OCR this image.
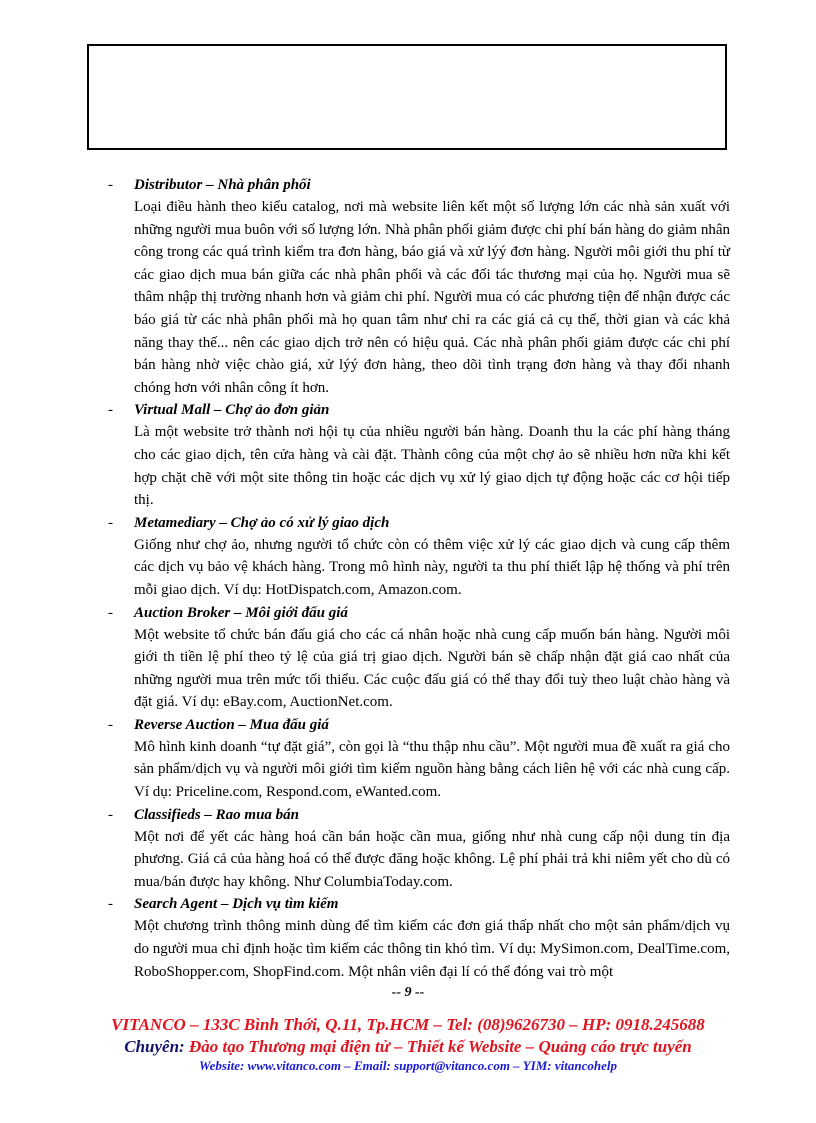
- Distributor – Nhà phân phối
Loại điều hành theo kiểu catalog, nơi mà website liên kết một số lượng lớn các nhà sản xuất với những người mua buôn với số lượng lớn. Nhà phân phối giảm được chi phí bán hàng do giảm nhân công trong các quá trình kiểm tra đơn hàng, báo giá và xử lýý đơn hàng. Người môi giới thu phí từ các giao dịch mua bán giữa các nhà phân phối và các đối tác thương mại của họ. Người mua sẽ thâm nhập thị trường nhanh hơn và giảm chi phí. Người mua có các phương tiện để nhận được các báo giá từ các nhà phân phối mà họ quan tâm như chỉ ra các giá cả cụ thể, thời gian và các khả năng thay thế... nên các giao dịch trở nên có hiệu quả. Các nhà phân phối giảm được các chi phí bán hàng nhờ việc chào giá, xử lýý đơn hàng, theo dõi tình trạng đơn hàng và thay đổi nhanh chóng hơn với nhân công ít hơn.
- Virtual Mall – Chợ ảo đơn giản
Là một website trở thành nơi hội tụ của nhiều người bán hàng. Doanh thu la các phí hàng tháng cho các giao dịch, tên cửa hàng và cài đặt. Thành công của một chợ ảo sẽ nhiều hơn nữa khi kết hợp chặt chẽ với một site thông tin hoặc các dịch vụ xử lý giao dịch tự động hoặc các cơ hội tiếp thị.
- Metamediary – Chợ ảo có xử lý giao dịch
Giống như chợ ảo, nhưng người tổ chức còn có thêm việc xử lý các giao dịch và cung cấp thêm các dịch vụ bảo vệ khách hàng. Trong mô hình này, người ta thu phí thiết lập hệ thống và phí trên mỗi giao dịch. Ví dụ: HotDispatch.com, Amazon.com.
- Auction Broker – Môi giới đấu giá
Một website tổ chức bán đấu giá cho các cá nhân hoặc nhà cung cấp muốn bán hàng. Người môi giới th tiền lệ phí theo tỷ lệ của giá trị giao dịch. Người bán sẽ chấp nhận đặt giá cao nhất của những người mua trên mức tối thiểu. Các cuộc đấu giá có thể thay đổi tuỳ theo luật chào hàng và đặt giá. Ví dụ: eBay.com, AuctionNet.com.
- Reverse Auction – Mua đấu giá
Mô hình kinh doanh “tự đặt giá”, còn gọi là “thu thập nhu cầu”. Một người mua đề xuất ra giá cho sản phẩm/dịch vụ và người môi giới tìm kiếm nguồn hàng bằng cách liên hệ với các nhà cung cấp. Ví dụ: Priceline.com, Respond.com, eWanted.com.
- Classifieds – Rao mua bán
Một nơi để yết các hàng hoá cần bán hoặc cần mua, giống như nhà cung cấp nội dung tin địa phương. Giá cả của hàng hoá có thể được đăng hoặc không. Lệ phí phải trả khi niêm yết cho dù có mua/bán được hay không. Như ColumbiaToday.com.
- Search Agent – Dịch vụ tìm kiếm
Một chương trình thông minh dùng để tìm kiếm các đơn giá thấp nhất cho một sản phẩm/dịch vụ do người mua chỉ định hoặc tìm kiếm các thông tin khó tìm. Ví dụ: MySimon.com, DealTime.com, RoboShopper.com, ShopFind.com. Một nhân viên đại lí có thể đóng vai trò một
-- 9 --
VITANCO – 133C Bình Thới, Q.11, Tp.HCM – Tel: (08)9626730 – HP: 0918.245688
Chuyên: Đào tạo Thương mại điện tử – Thiết kế Website – Quảng cáo trực tuyến
Website: www.vitanco.com – Email: support@vitanco.com – YIM: vitancohelp
